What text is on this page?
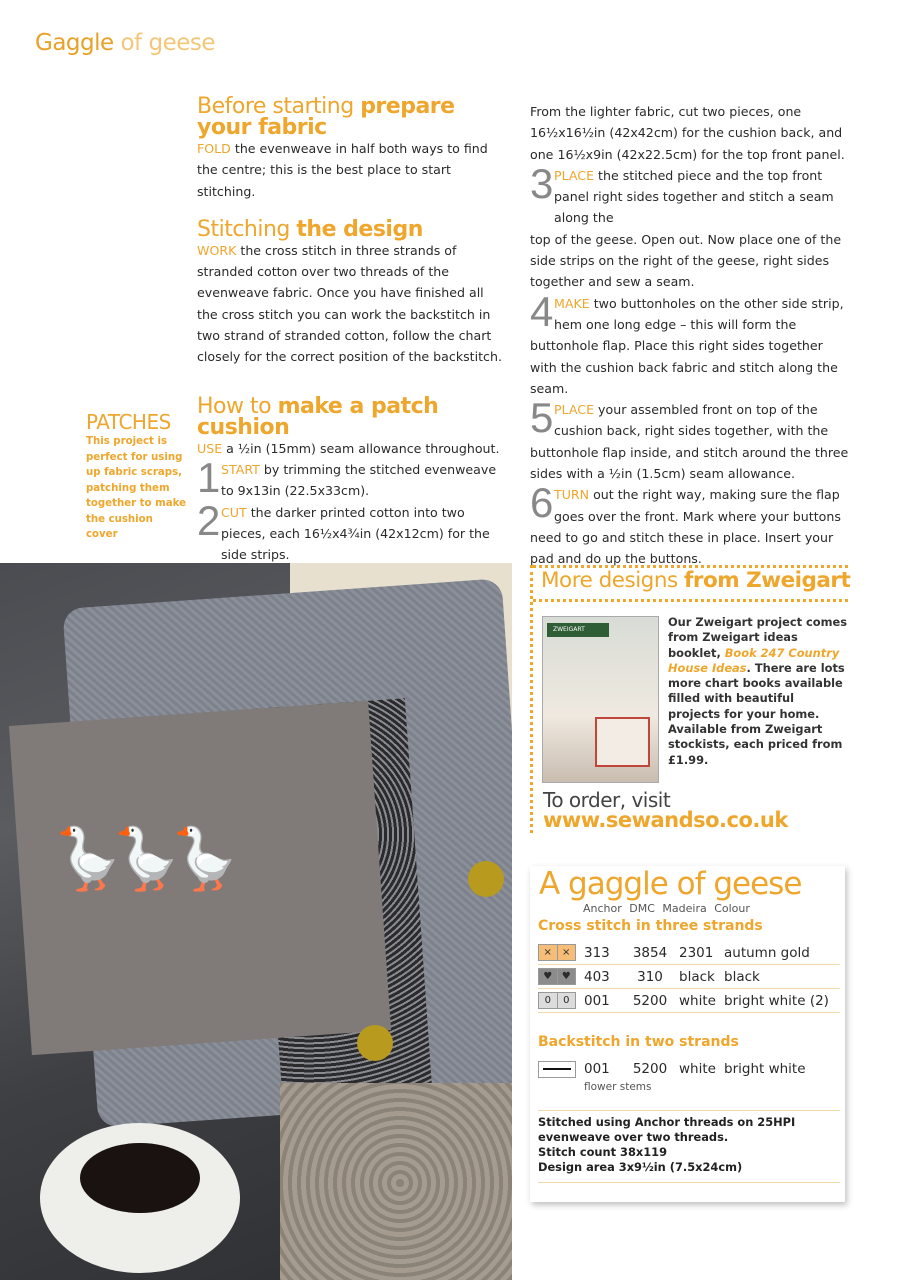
Gaggle of geese
Before starting prepare your fabric

FOLD the evenweave in half both ways to find the centre; this is the best place to start stitching.

Stitching the design

WORK the cross stitch in three strands of stranded cotton over two threads of the evenweave fabric. Once you have finished all the cross stitch you can work the backstitch in two strand of stranded cotton, follow the chart closely for the correct position of the backstitch.

How to make a patch cushion

USE a ½in (15mm) seam allowance throughout.

1 START by trimming the stitched evenweave to 9x13in (22.5x33cm).
2 CUT the darker printed cotton into two pieces, each 16½x4¾in (42x12cm) for the side strips.
PATCHES
This project is perfect for using up fabric scraps, patching them together to make the cushion cover

From the lighter fabric, cut two pieces, one 16½x16½in (42x42cm) for the cushion back, and one 16½x9in (42x22.5cm) for the top front panel.

3 PLACE the stitched piece and the top front panel right sides together and stitch a seam along the
top of the geese. Open out. Now place one of the side strips on the right of the geese, right sides together and sew a seam.
4 MAKE two buttonholes on the other side strip, hem one long edge – this will form the
buttonhole flap. Place this right sides together with the cushion back fabric and stitch along the seam.
5 PLACE your assembled front on top of the cushion back, right sides together, with the
buttonhole flap inside, and stitch around the three sides with a ½in (1.5cm) seam allowance.
6 TURN out the right way, making sure the flap goes over the front. Mark where your buttons
need to go and stitch these in place. Insert your pad and do up the buttons.
🪿🪿🪿
More designs from Zweigart
ZWEIGART
Our Zweigart project comes from Zweigart ideas booklet, Book 247 Country House Ideas. There are lots more chart books available filled with beautiful projects for your home. Available from Zweigart stockists, each priced from £1.99.
To order, visit
www.sewandso.co.uk
A gaggle of geese
Anchor DMC Madeira Colour
Cross stitch in three strands
×	×	313	3854 2301 autumn gold
♥ ♥ 403	310	black black
0	0	001	5200 white bright white (2)
Backstitch in two strands
001	5200 white bright white
flower stems
Stitched using Anchor threads on 25HPI evenweave over two threads.
Stitch count 38x119
Design area 3x9½in (7.5x24cm)
